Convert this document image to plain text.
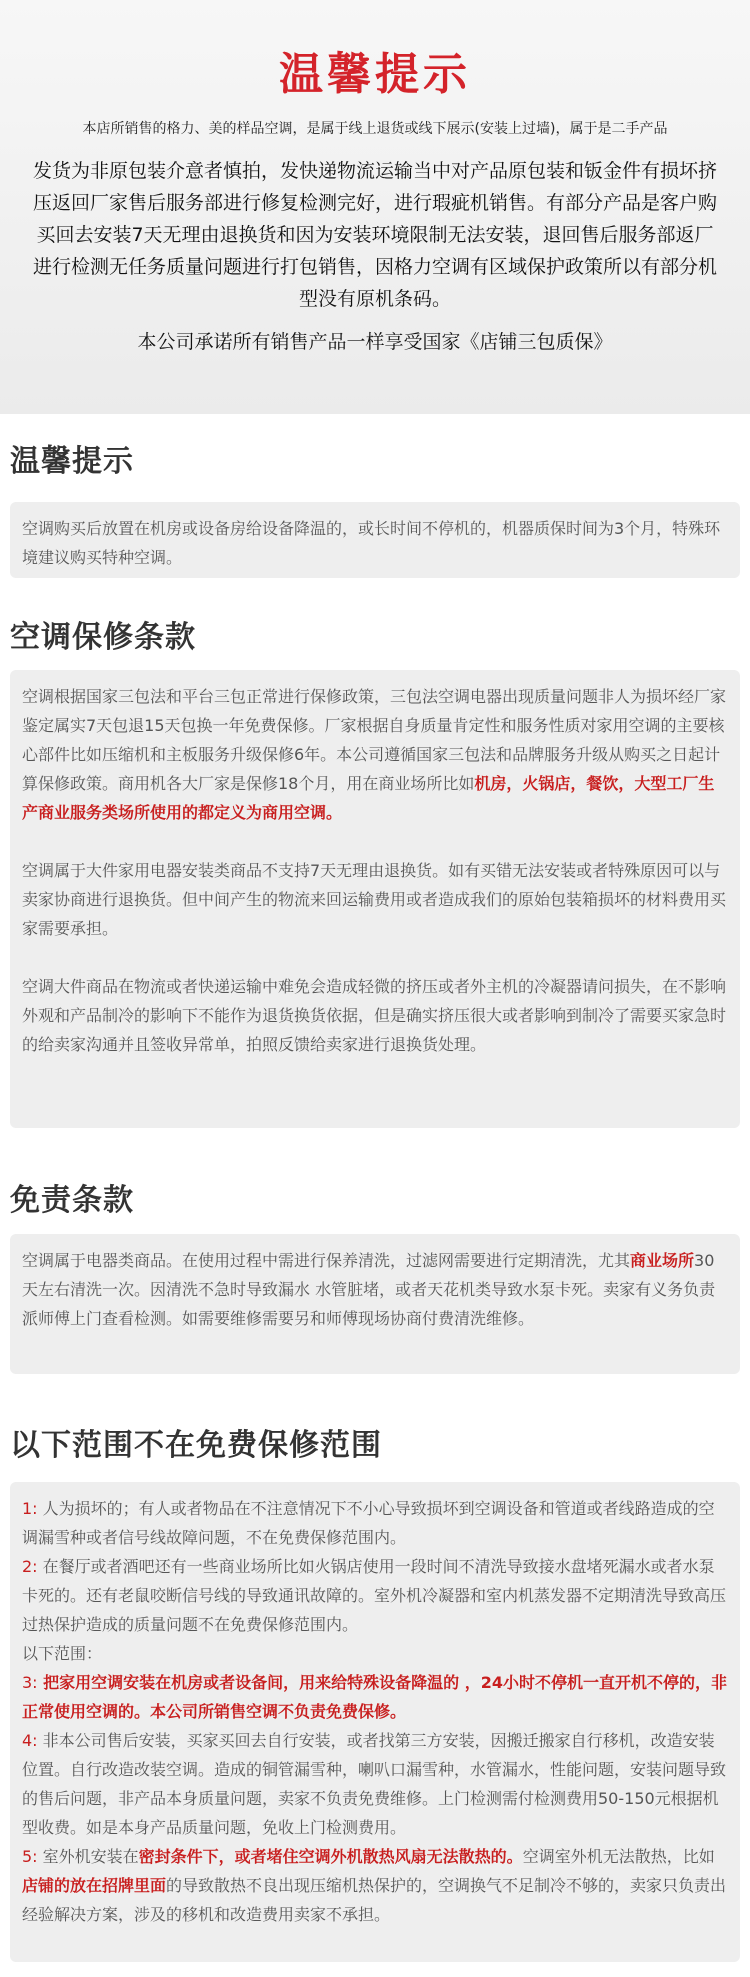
温馨提示
本店所销售的格力、美的样品空调，是属于线上退货或线下展示(安装上过墙)，属于是二手产品
发货为非原包装介意者慎拍，发快递物流运输当中对产品原包装和钣金件有损坏挤压返回厂家售后服务部进行修复检测完好，进行瑕疵机销售。有部分产品是客户购买回去安装7天无理由退换货和因为安装环境限制无法安装，退回售后服务部返厂进行检测无任务质量问题进行打包销售，因格力空调有区域保护政策所以有部分机型没有原机条码。
本公司承诺所有销售产品一样享受国家《店铺三包质保》
温馨提示

空调购买后放置在机房或设备房给设备降温的，或长时间不停机的，机器质保时间为3个月，特殊环境建议购买特种空调。

空调保修条款

空调根据国家三包法和平台三包正常进行保修政策，三包法空调电器出现质量问题非人为损坏经厂家鉴定属实7天包退15天包换一年免费保修。厂家根据自身质量肯定性和服务性质对家用空调的主要核心部件比如压缩机和主板服务升级保修6年。本公司遵循国家三包法和品牌服务升级从购买之日起计算保修政策。商用机各大厂家是保修18个月，用在商业场所比如机房，火锅店，餐饮，大型工厂生产商业服务类场所使用的都定义为商用空调。

空调属于大件家用电器安装类商品不支持7天无理由退换货。如有买错无法安装或者特殊原因可以与卖家协商进行退换货。但中间产生的物流来回运输费用或者造成我们的原始包装箱损坏的材料费用买家需要承担。

空调大件商品在物流或者快递运输中难免会造成轻微的挤压或者外主机的冷凝器请问损失，在不影响外观和产品制冷的影响下不能作为退货换货依据，但是确实挤压很大或者影响到制冷了需要买家急时的给卖家沟通并且签收异常单，拍照反馈给卖家进行退换货处理。

免责条款

空调属于电器类商品。在使用过程中需进行保养清洗，过滤网需要进行定期清洗，尤其商业场所30天左右清洗一次。因清洗不急时导致漏水 水管脏堵，或者天花机类导致水泵卡死。卖家有义务负责派师傅上门查看检测。如需要维修需要另和师傅现场协商付费清洗维修。

以下范围不在免费保修范围

1: 人为损坏的；有人或者物品在不注意情况下不小心导致损坏到空调设备和管道或者线路造成的空调漏雪种或者信号线故障问题，不在免费保修范围内。

2: 在餐厅或者酒吧还有一些商业场所比如火锅店使用一段时间不清洗导致接水盘堵死漏水或者水泵卡死的。还有老鼠咬断信号线的导致通讯故障的。室外机冷凝器和室内机蒸发器不定期清洗导致高压过热保护造成的质量问题不在免费保修范围内。

以下范围：

3: 把家用空调安装在机房或者设备间，用来给特殊设备降温的 ，24小时不停机一直开机不停的，非正常使用空调的。本公司所销售空调不负责免费保修。

4: 非本公司售后安装，买家买回去自行安装，或者找第三方安装，因搬迁搬家自行移机，改造安装位置。自行改造改装空调。造成的铜管漏雪种，喇叭口漏雪种，水管漏水，性能问题，安装问题导致的售后问题，非产品本身质量问题，卖家不负责免费维修。上门检测需付检测费用50-150元根据机型收费。如是本身产品质量问题，免收上门检测费用。

5: 室外机安装在密封条件下，或者堵住空调外机散热风扇无法散热的。空调室外机无法散热，比如店铺的放在招牌里面的导致散热不良出现压缩机热保护的，空调换气不足制冷不够的，卖家只负责出经验解决方案，涉及的移机和改造费用卖家不承担。
